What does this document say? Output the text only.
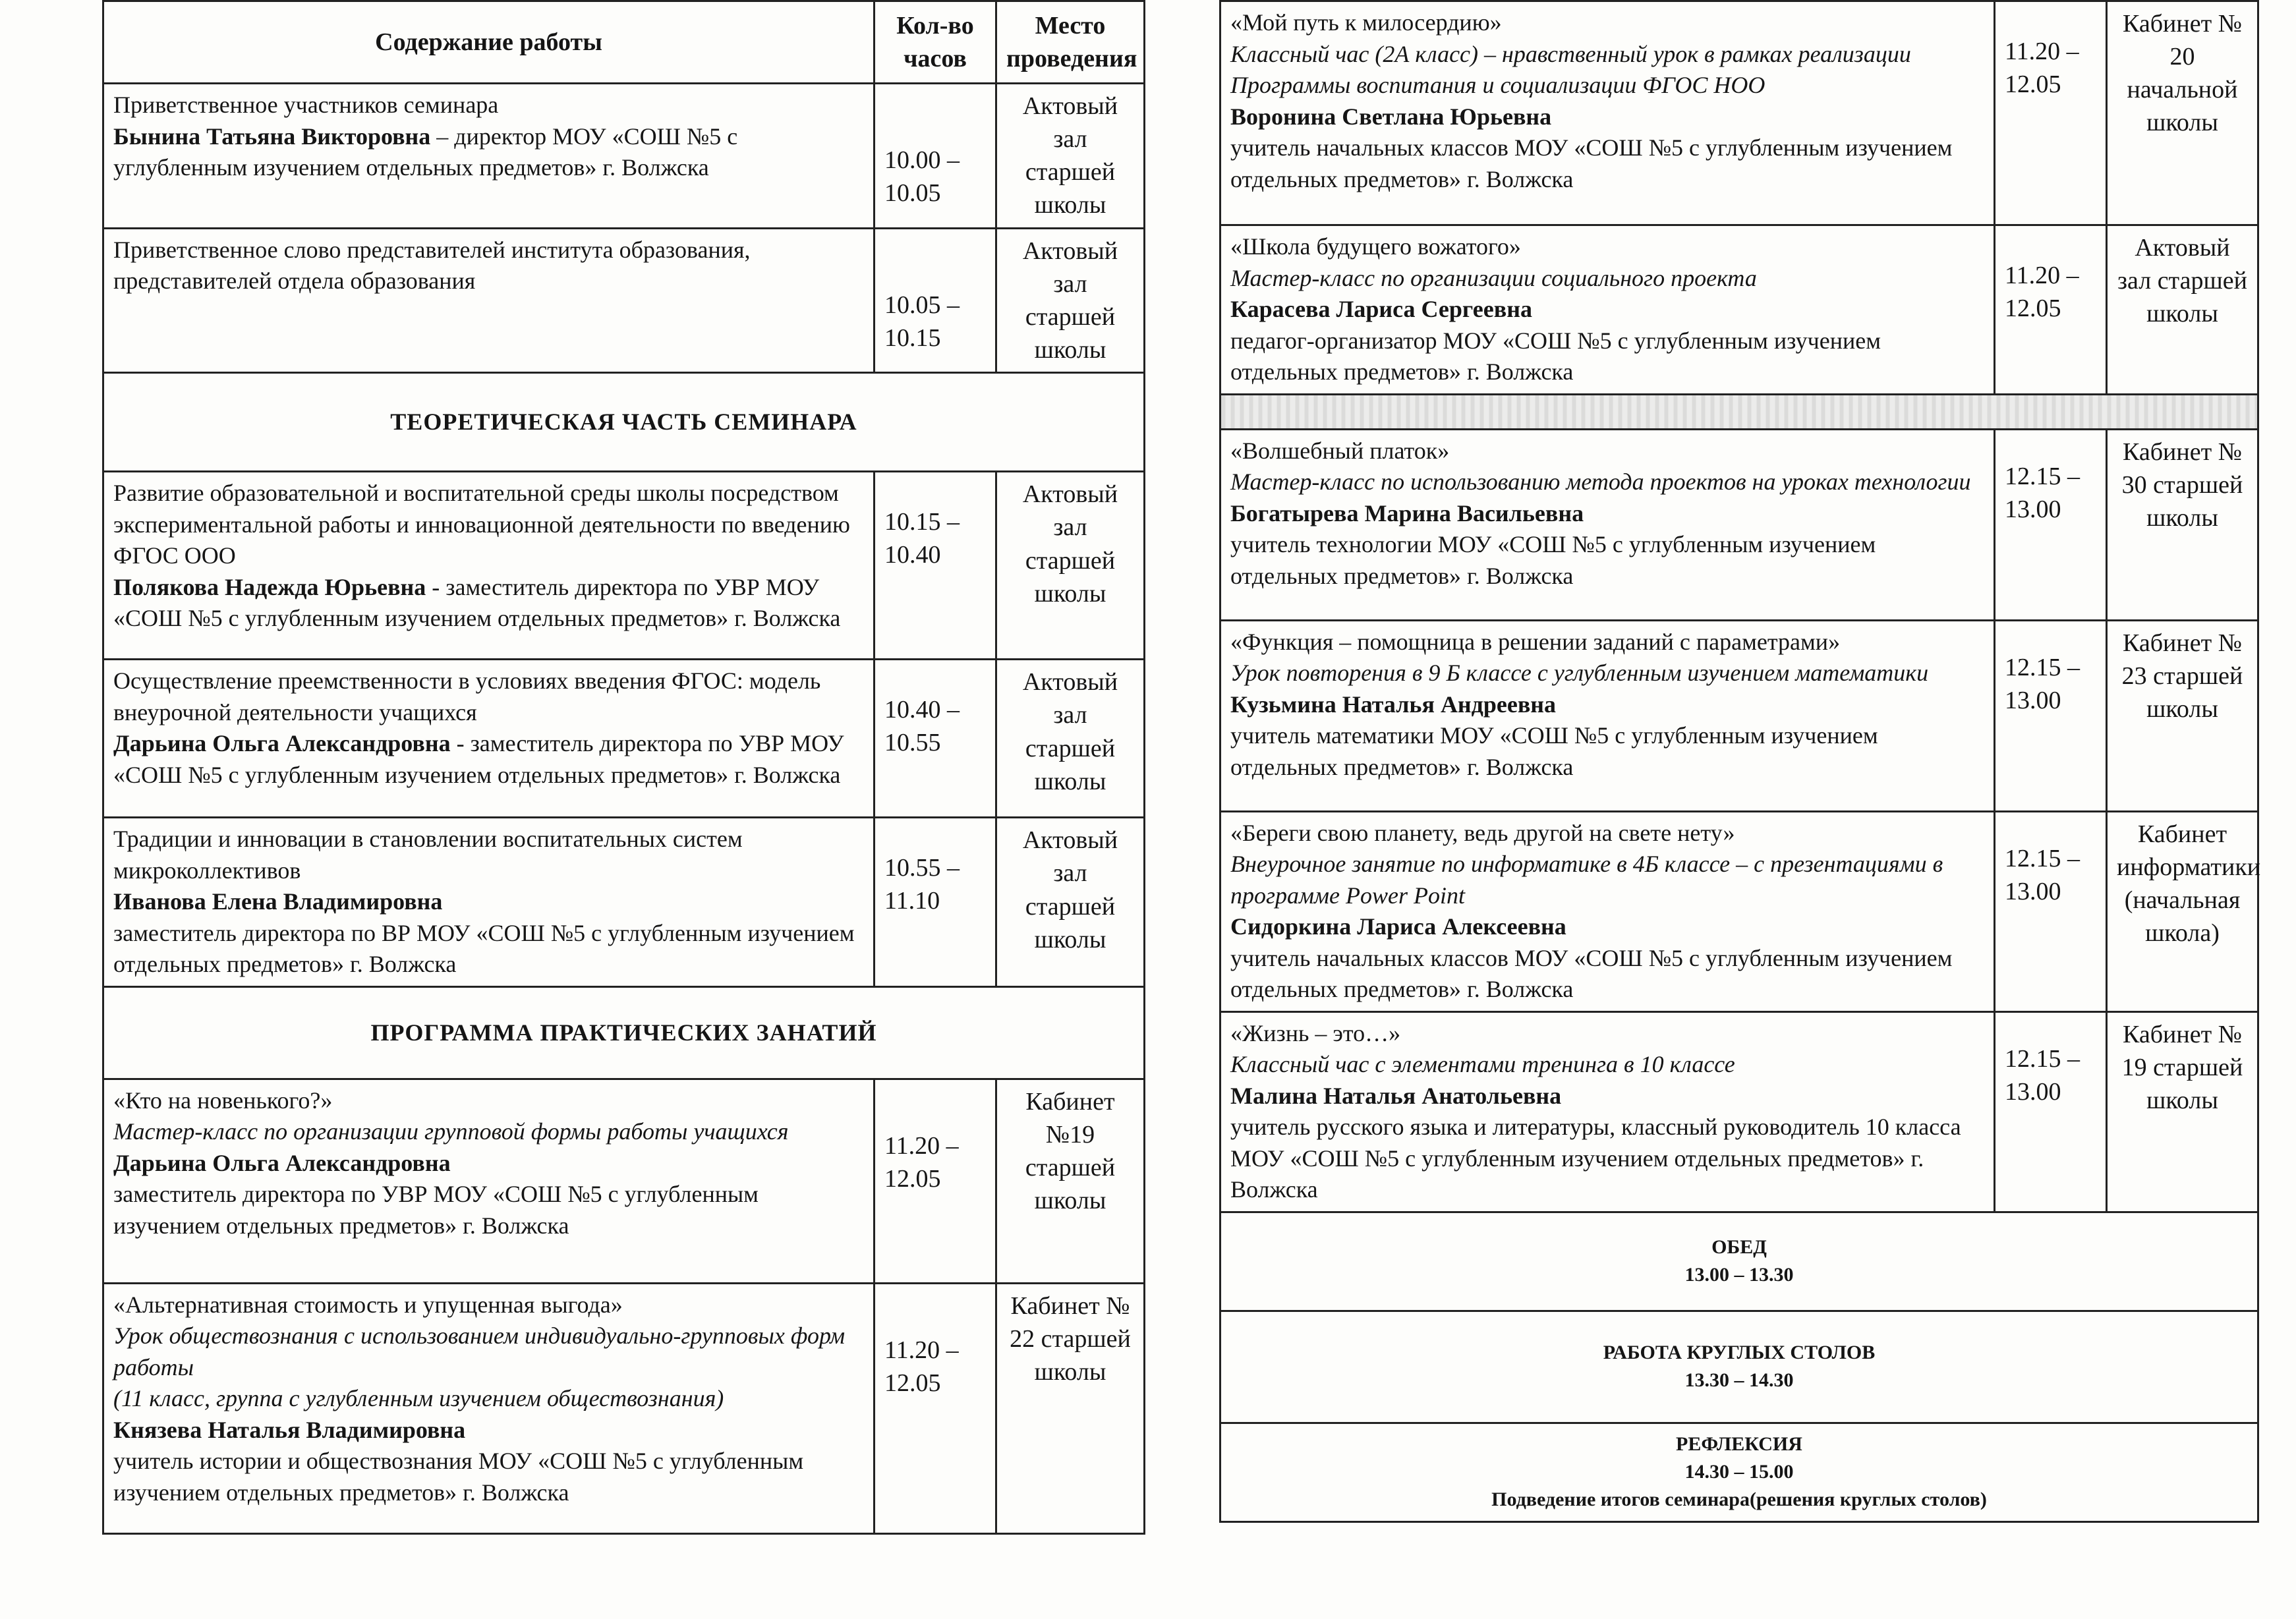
Содержание работы	Кол-во часов	Место проведения

Приветственное участников семинара
Бынина Татьяна Викторовна – директор МОУ «СОШ №5 с углубленным изучением отдельных предметов» г. Волжска	10.00 – 10.05	Актовый зал старшей школы
Приветственное слово представителей института образования, представителей отдела образования	10.05 – 10.15	Актовый зал старшей школы
ТЕОРЕТИЧЕСКАЯ ЧАСТЬ СЕМИНАРА		

Развитие образовательной и воспитательной среды школы посредством экспериментальной работы и инновационной деятельности по введению ФГОС ООО
Полякова Надежда Юрьевна - заместитель директора по УВР МОУ «СОШ №5 с углубленным изучением отдельных предметов» г. Волжска	10.15 – 10.40	Актовый зал старшей школы

Осуществление преемственности в условиях введения ФГОС: модель внеурочной деятельности учащихся
Дарьина Ольга Александровна - заместитель директора по УВР МОУ «СОШ №5 с углубленным изучением отдельных предметов» г. Волжска	10.40 – 10.55	Актовый зал старшей школы

Традиции и инновации в становлении воспитательных систем микроколлективов
Иванова Елена Владимировна
заместитель директора по ВР МОУ «СОШ №5 с углубленным изучением отдельных предметов» г. Волжска	10.55 – 11.10	Актовый зал старшей школы
ПРОГРАММА ПРАКТИЧЕСКИХ ЗАНАТИЙ		

«Кто на новенького?»
Мастер-класс по организации групповой формы работы учащихся
Дарьина Ольга Александровна
заместитель директора по УВР МОУ «СОШ №5 с углубленным изучением отдельных предметов» г. Волжска	11.20 – 12.05	Кабинет №19 старшей школы

«Альтернативная стоимость и упущенная выгода»
Урок обществознания с использованием индивидуально-групповых форм работы
(11 класс, группа с углубленным изучением обществознания)
Князева Наталья Владимировна
учитель истории и обществознания МОУ «СОШ №5 с углубленным изучением отдельных предметов» г. Волжска	11.20 – 12.05	Кабинет № 22 старшей школы
«Мой путь к милосердию»
Классный час (2А класс) – нравственный урок в рамках реализации Программы воспитания и социализации ФГОС НОО
Воронина Светлана Юрьевна
учитель начальных классов МОУ «СОШ №5 с углубленным изучением отдельных предметов» г. Волжска	11.20 – 12.05	Кабинет № 20 начальной школы

«Школа будущего вожатого»
Мастер-класс по организации социального проекта
Карасева Лариса Сергеевна
педагог-организатор МОУ «СОШ №5 с углубленным изучением отдельных предметов» г. Волжска	11.20 – 12.05	Актовый зал старшей школы

«Волшебный платок»
Мастер-класс по использованию метода проектов на уроках технологии
Богатырева Марина Васильевна
учитель технологии МОУ «СОШ №5 с углубленным изучением отдельных предметов» г. Волжска	12.15 – 13.00	Кабинет № 30 старшей школы

«Функция – помощница в решении заданий с параметрами»
Урок повторения в 9 Б классе с углубленным изучением математики
Кузьмина Наталья Андреевна
учитель математики МОУ «СОШ №5 с углубленным изучением отдельных предметов» г. Волжска	12.15 – 13.00	Кабинет № 23 старшей школы

«Береги свою планету, ведь другой на свете нету»
Внеурочное занятие по информатике в 4Б классе – с презентациями в программе Power Point
Сидоркина Лариса Алексеевна
учитель начальных классов МОУ «СОШ №5 с углубленным изучением отдельных предметов» г. Волжска	12.15 – 13.00	Кабинет информатики (начальная школа)

«Жизнь – это…»
Классный час с элементами тренинга в 10 классе
Малина Наталья Анатольевна
учитель русского языка и литературы, классный руководитель 10 класса МОУ «СОШ №5 с углубленным изучением отдельных предметов» г. Волжска	12.15 – 13.00	Кабинет № 19 старшей школы

ОБЕД
13.00 – 13.30		

РАБОТА КРУГЛЫХ СТОЛОВ
13.30 – 14.30		

РЕФЛЕКСИЯ
14.30 – 15.00
Подведение итогов семинара(решения круглых столов)		
